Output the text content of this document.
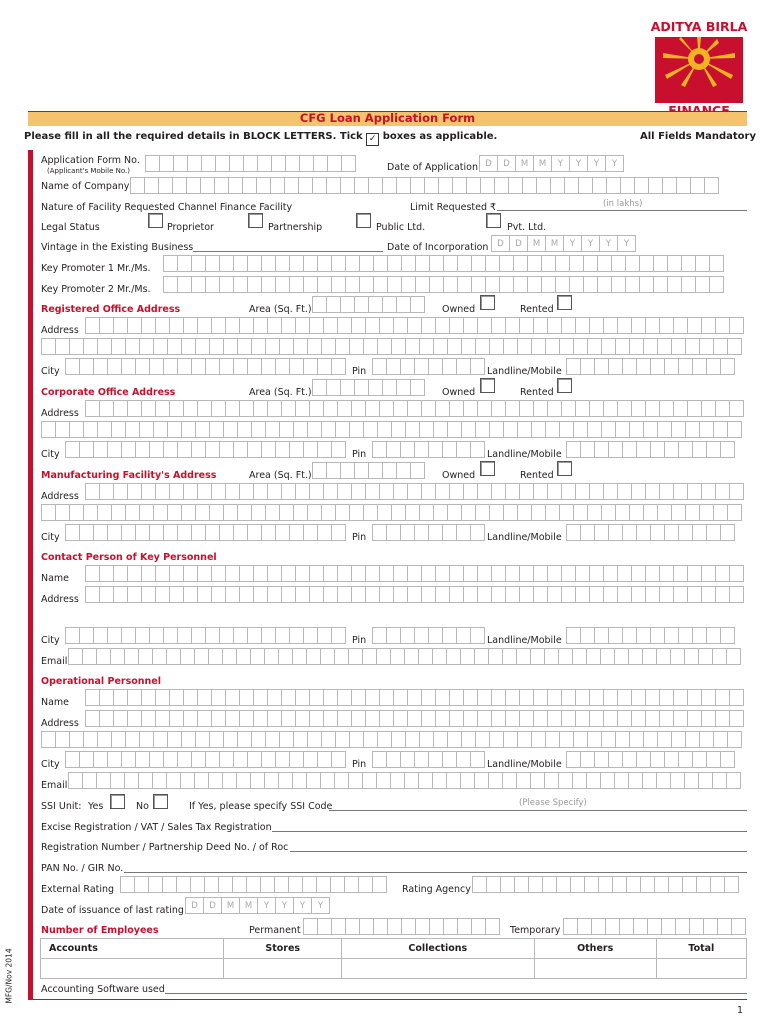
ADITYA BIRLA
CFG Loan Application Form
Please fill in all the required details in BLOCK LETTERS. Tick ✓ boxes as applicable.	All Fields Mandatory
MFG/Nov 2014
Application Form No.
(Applicant's Mobile No.)	Date of Application D	D	M	M	Y	Y	Y	Y
Name of Company
Nature of Facility Requested Channel Finance Facility	Limit Requested ₹	(in lakhs)
Legal Status	Proprietor	Partnership	Public Ltd.	Pvt. Ltd.
Vintage in the Existing Business	Date of Incorporation	D	D	M	M	Y	Y	Y	Y
Key Promoter 1 Mr./Ms.
Key Promoter 2 Mr./Ms.
Registered Office Address	Area (Sq. Ft.)	Owned	Rented
Address
City	Pin	Landline/Mobile
Corporate Office Address	Area (Sq. Ft.)	Owned	Rented
Address
City	Pin	Landline/Mobile
Manufacturing Facility's Address	Area (Sq. Ft.)	Owned	Rented
Address
City	Pin	Landline/Mobile
Contact Person of Key Personnel
Name
Address
City	Pin	Landline/Mobile
Email
Operational Personnel
Name
Address
City	Pin	Landline/Mobile
Email
SSI Unit: Yes	No	If Yes, please specify SSI Code	(Please Specify)
Excise Registration / VAT / Sales Tax Registration
Registration Number / Partnership Deed No. / of Roc
PAN No. / GIR No.
External Rating	Rating Agency
Date of issuance of last rating D	D	M	M	Y	Y	Y	Y
Number of Employees	Permanent	Temporary
Accounts	Stores	Collections	Others	Total

Accounting Software used
1
